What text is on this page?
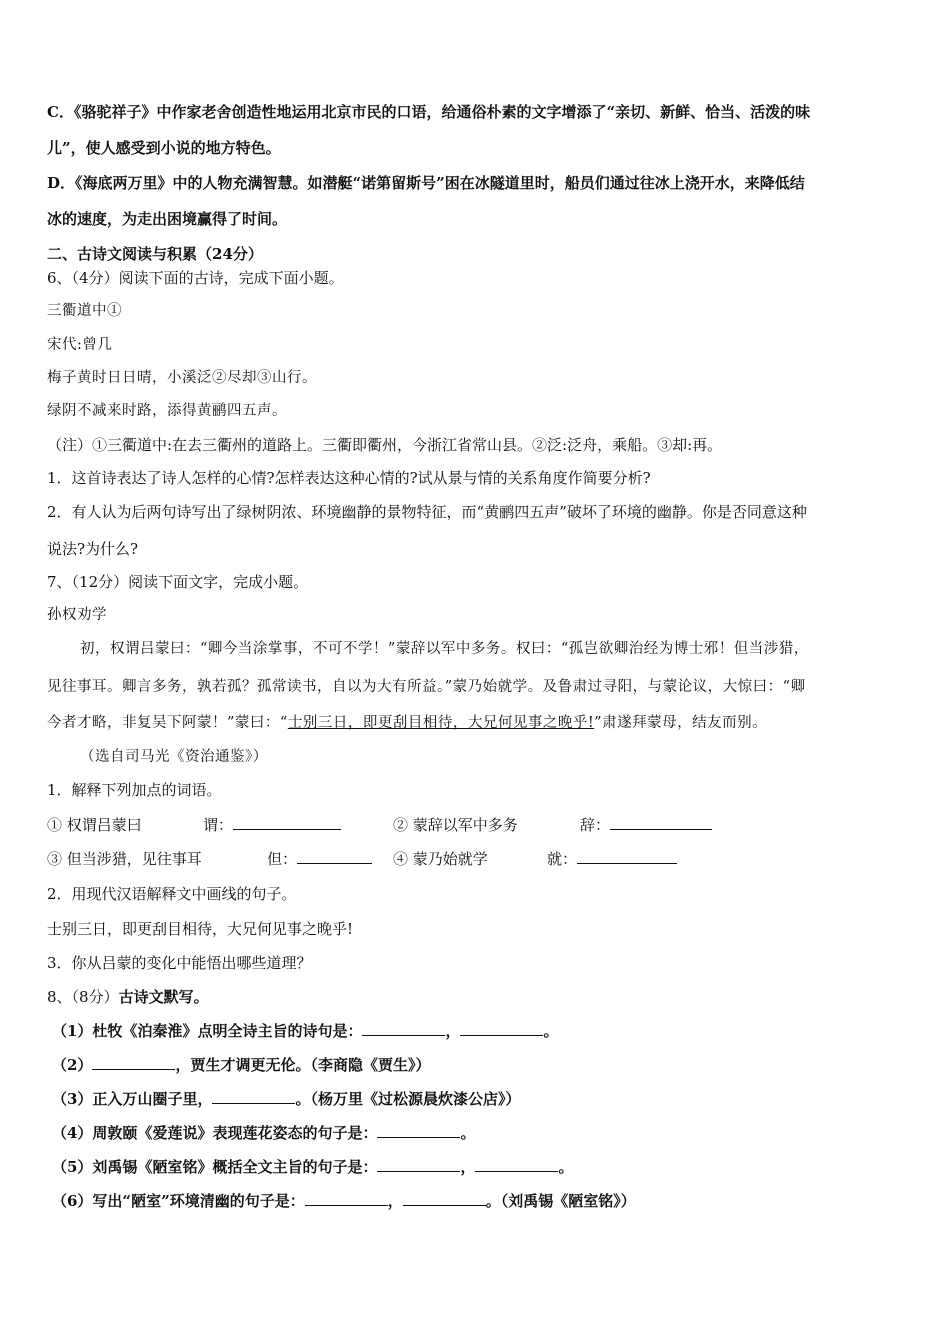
C．《骆驼祥子》中作家老舍创造性地运用北京市民的口语，给通俗朴素的文字增添了“亲切、新鲜、恰当、活泼的味
儿”，使人感受到小说的地方特色。
D．《海底两万里》中的人物充满智慧。如潜艇“诺第留斯号”困在冰隧道里时，船员们通过往冰上浇开水，来降低结
冰的速度，为走出困境赢得了时间。
二、古诗文阅读与积累（24分）
6、（4分）阅读下面的古诗，完成下面小题。
三衢道中①
宋代:曾几
梅子黄时日日晴，小溪泛②尽却③山行。
绿阴不减来时路，添得黄鹂四五声。
（注）①三衢道中:在去三衢州的道路上。三衢即衢州，今浙江省常山县。②泛:泛舟，乘船。③却:再。
1．这首诗表达了诗人怎样的心情?怎样表达这种心情的?试从景与情的关系角度作简要分析?
2．有人认为后两句诗写出了绿树阴浓、环境幽静的景物特征，而“黄鹂四五声”破坏了环境的幽静。你是否同意这种
说法?为什么?
7、（12分）阅读下面文字，完成小题。
孙权劝学
初，权谓吕蒙曰：“卿今当涂掌事，不可不学！”蒙辞以军中多务。权曰：“孤岂欲卿治经为博士邪！但当涉猎，
见往事耳。卿言多务，孰若孤？孤常读书，自以为大有所益。”蒙乃始就学。及鲁肃过寻阳，与蒙论议，大惊曰：“卿
今者才略，非复吴下阿蒙！”蒙曰：“士别三日，即更刮目相待，大兄何见事之晚乎!”肃遂拜蒙母，结友而别。
（选自司马光《资治通鉴》）
1．解释下列加点的词语。
① 权谓吕蒙曰	谓：	② 蒙辞以军中多务	辞：
③ 但当涉猎，见往事耳	但：	④ 蒙乃始就学	就：
2．用现代汉语解释文中画线的句子。
士别三日，即更刮目相待，大兄何见事之晚乎!
3．你从吕蒙的变化中能悟出哪些道理？
8、（8分）古诗文默写。
（1）杜牧《泊秦淮》点明全诗主旨的诗句是：	，	。
（2）	，贾生才调更无伦。（李商隐《贾生》）
（3）正入万山圈子里，	。（杨万里《过松源晨炊漆公店》）
（4）周敦颐《爱莲说》表现莲花姿态的句子是：	。
（5）刘禹锡《陋室铭》概括全文主旨的句子是：	，	。
（6）写出“陋室”环境清幽的句子是：	，	。（刘禹锡《陋室铭》）
